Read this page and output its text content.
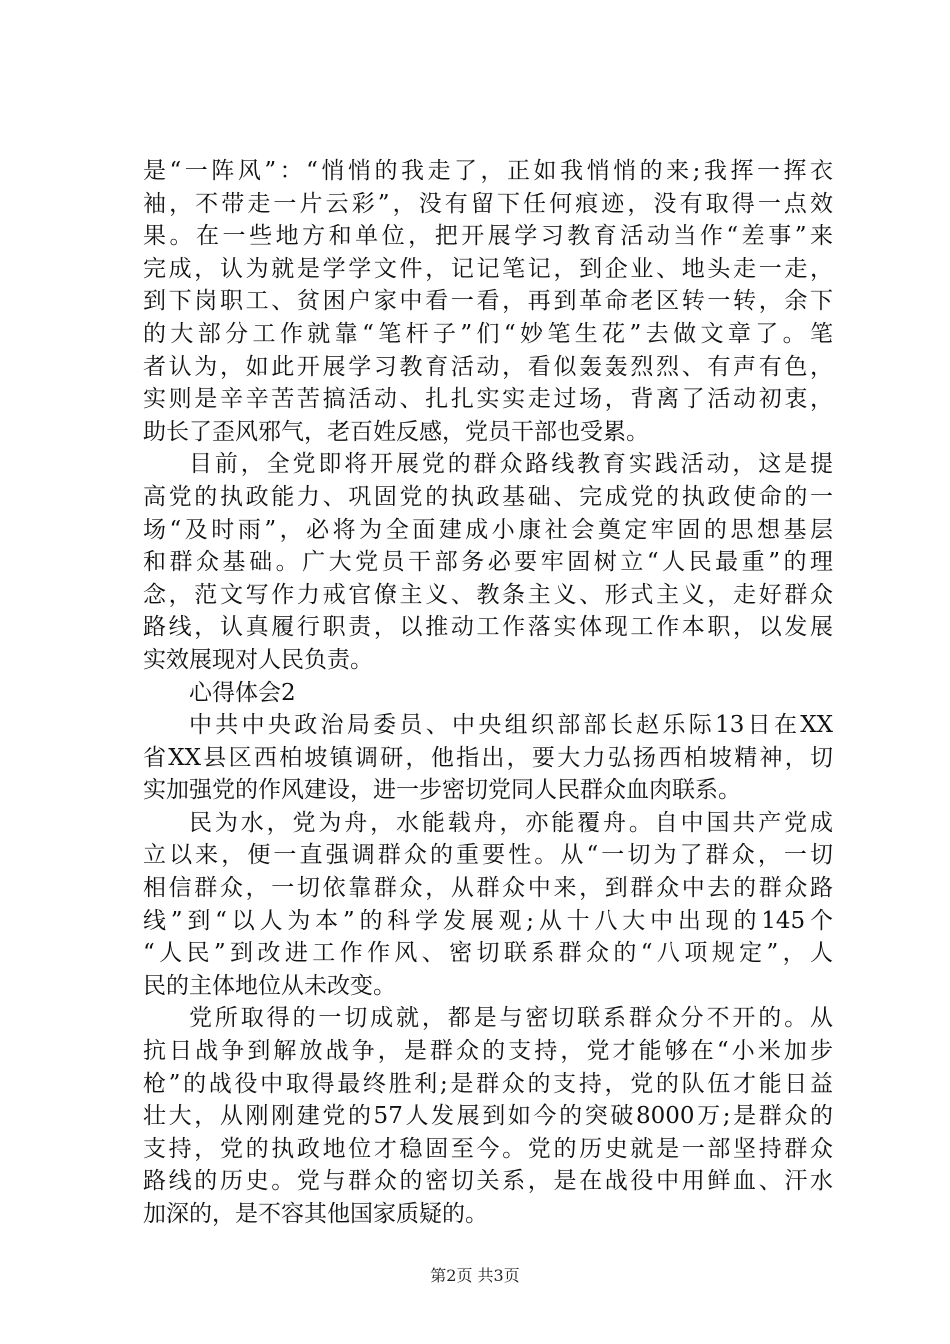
是“一阵风”：“悄悄的我走了，正如我悄悄的来;我挥一挥衣
袖，不带走一片云彩”，没有留下任何痕迹，没有取得一点效
果。在一些地方和单位，把开展学习教育活动当作“差事”来
完成，认为就是学学文件，记记笔记，到企业、地头走一走，
到下岗职工、贫困户家中看一看，再到革命老区转一转，余下
的大部分工作就靠“笔杆子”们“妙笔生花”去做文章了。笔
者认为，如此开展学习教育活动，看似轰轰烈烈、有声有色，
实则是辛辛苦苦搞活动、扎扎实实走过场，背离了活动初衷，
助长了歪风邪气，老百姓反感，党员干部也受累。
目前，全党即将开展党的群众路线教育实践活动，这是提
高党的执政能力、巩固党的执政基础、完成党的执政使命的一
场“及时雨”，必将为全面建成小康社会奠定牢固的思想基层
和群众基础。广大党员干部务必要牢固树立“人民最重”的理
念，范文写作力戒官僚主义、教条主义、形式主义，走好群众
路线，认真履行职责，以推动工作落实体现工作本职，以发展
实效展现对人民负责。
心得体会2
中共中央政治局委员、中央组织部部长赵乐际13日在XX
省XX县区西柏坡镇调研，他指出，要大力弘扬西柏坡精神，切
实加强党的作风建设，进一步密切党同人民群众血肉联系。
民为水，党为舟，水能载舟，亦能覆舟。自中国共产党成
立以来，便一直强调群众的重要性。从“一切为了群众，一切
相信群众，一切依靠群众，从群众中来，到群众中去的群众路
线”到“以人为本”的科学发展观;从十八大中出现的145个
“人民”到改进工作作风、密切联系群众的“八项规定”，人
民的主体地位从未改变。
党所取得的一切成就，都是与密切联系群众分不开的。从
抗日战争到解放战争，是群众的支持，党才能够在“小米加步
枪”的战役中取得最终胜利;是群众的支持，党的队伍才能日益
壮大，从刚刚建党的57人发展到如今的突破8000万;是群众的
支持，党的执政地位才稳固至今。党的历史就是一部坚持群众
路线的历史。党与群众的密切关系，是在战役中用鲜血、汗水
加深的，是不容其他国家质疑的。
第2页 共3页
